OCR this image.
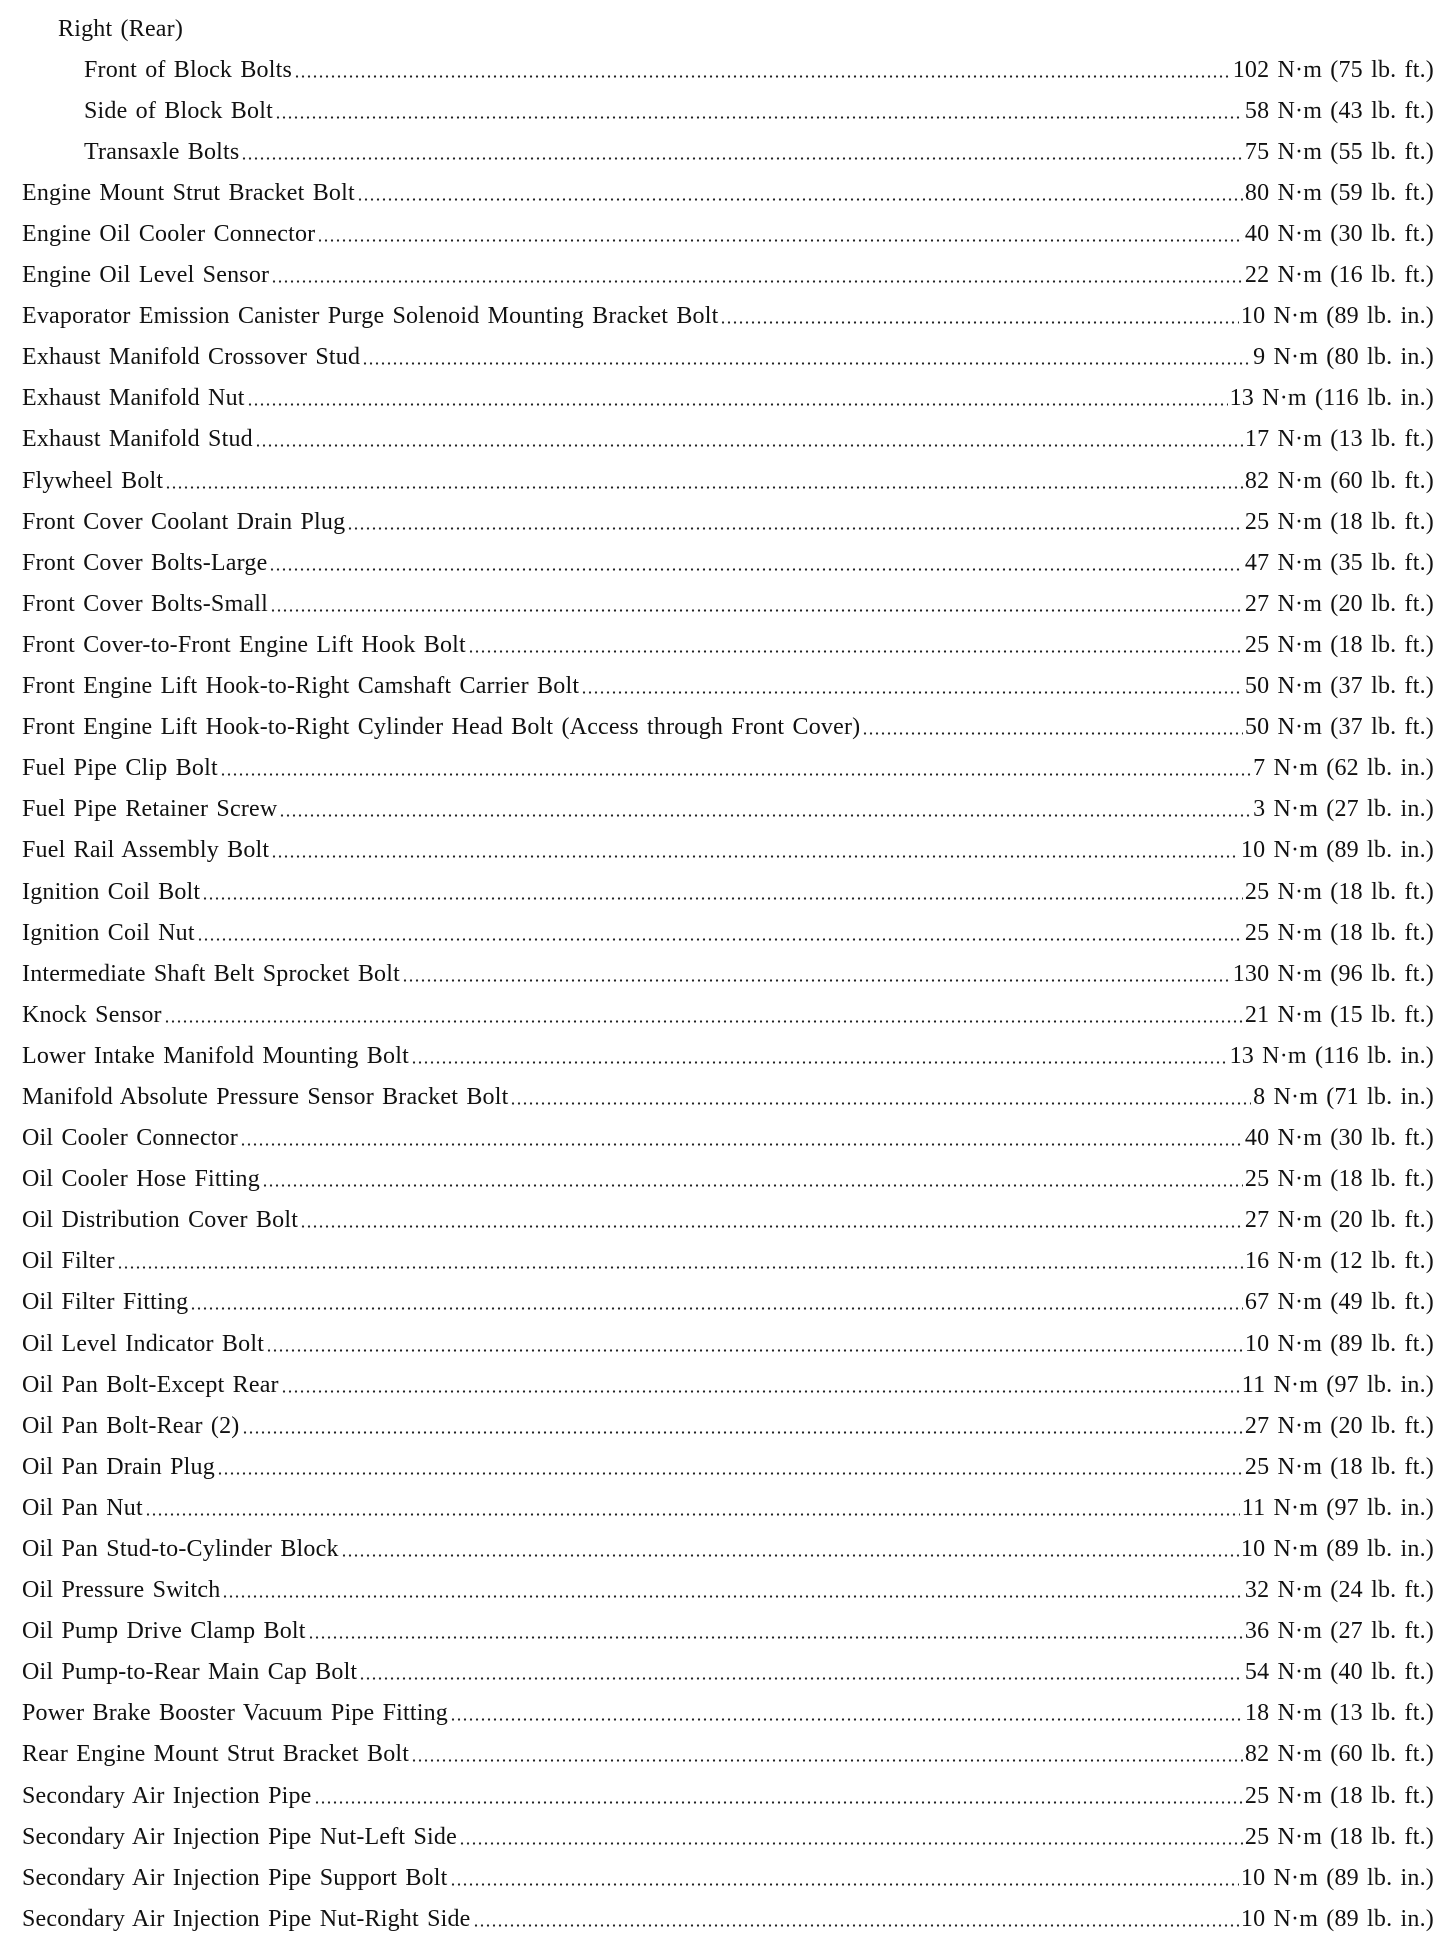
Right (Rear)
Front of Block Bolts	102 N·m (75 lb. ft.)
Side of Block Bolt	58 N·m (43 lb. ft.)
Transaxle Bolts	75 N·m (55 lb. ft.)
Engine Mount Strut Bracket Bolt	80 N·m (59 lb. ft.)
Engine Oil Cooler Connector	40 N·m (30 lb. ft.)
Engine Oil Level Sensor	22 N·m (16 lb. ft.)
Evaporator Emission Canister Purge Solenoid Mounting Bracket Bolt	10 N·m (89 lb. in.)
Exhaust Manifold Crossover Stud	9 N·m (80 lb. in.)
Exhaust Manifold Nut	13 N·m (116 lb. in.)
Exhaust Manifold Stud	17 N·m (13 lb. ft.)
Flywheel Bolt	82 N·m (60 lb. ft.)
Front Cover Coolant Drain Plug	25 N·m (18 lb. ft.)
Front Cover Bolts-Large	47 N·m (35 lb. ft.)
Front Cover Bolts-Small	27 N·m (20 lb. ft.)
Front Cover-to-Front Engine Lift Hook Bolt	25 N·m (18 lb. ft.)
Front Engine Lift Hook-to-Right Camshaft Carrier Bolt	50 N·m (37 lb. ft.)
Front Engine Lift Hook-to-Right Cylinder Head Bolt (Access through Front Cover)	50 N·m (37 lb. ft.)
Fuel Pipe Clip Bolt	7 N·m (62 lb. in.)
Fuel Pipe Retainer Screw	3 N·m (27 lb. in.)
Fuel Rail Assembly Bolt	10 N·m (89 lb. in.)
Ignition Coil Bolt	25 N·m (18 lb. ft.)
Ignition Coil Nut	25 N·m (18 lb. ft.)
Intermediate Shaft Belt Sprocket Bolt	130 N·m (96 lb. ft.)
Knock Sensor	21 N·m (15 lb. ft.)
Lower Intake Manifold Mounting Bolt	13 N·m (116 lb. in.)
Manifold Absolute Pressure Sensor Bracket Bolt	8 N·m (71 lb. in.)
Oil Cooler Connector	40 N·m (30 lb. ft.)
Oil Cooler Hose Fitting	25 N·m (18 lb. ft.)
Oil Distribution Cover Bolt	27 N·m (20 lb. ft.)
Oil Filter	16 N·m (12 lb. ft.)
Oil Filter Fitting	67 N·m (49 lb. ft.)
Oil Level Indicator Bolt	10 N·m (89 lb. ft.)
Oil Pan Bolt-Except Rear	11 N·m (97 lb. in.)
Oil Pan Bolt-Rear (2)	27 N·m (20 lb. ft.)
Oil Pan Drain Plug	25 N·m (18 lb. ft.)
Oil Pan Nut	11 N·m (97 lb. in.)
Oil Pan Stud-to-Cylinder Block	10 N·m (89 lb. in.)
Oil Pressure Switch	32 N·m (24 lb. ft.)
Oil Pump Drive Clamp Bolt	36 N·m (27 lb. ft.)
Oil Pump-to-Rear Main Cap Bolt	54 N·m (40 lb. ft.)
Power Brake Booster Vacuum Pipe Fitting	18 N·m (13 lb. ft.)
Rear Engine Mount Strut Bracket Bolt	82 N·m (60 lb. ft.)
Secondary Air Injection Pipe	25 N·m (18 lb. ft.)
Secondary Air Injection Pipe Nut-Left Side	25 N·m (18 lb. ft.)
Secondary Air Injection Pipe Support Bolt	10 N·m (89 lb. in.)
Secondary Air Injection Pipe Nut-Right Side	10 N·m (89 lb. in.)
